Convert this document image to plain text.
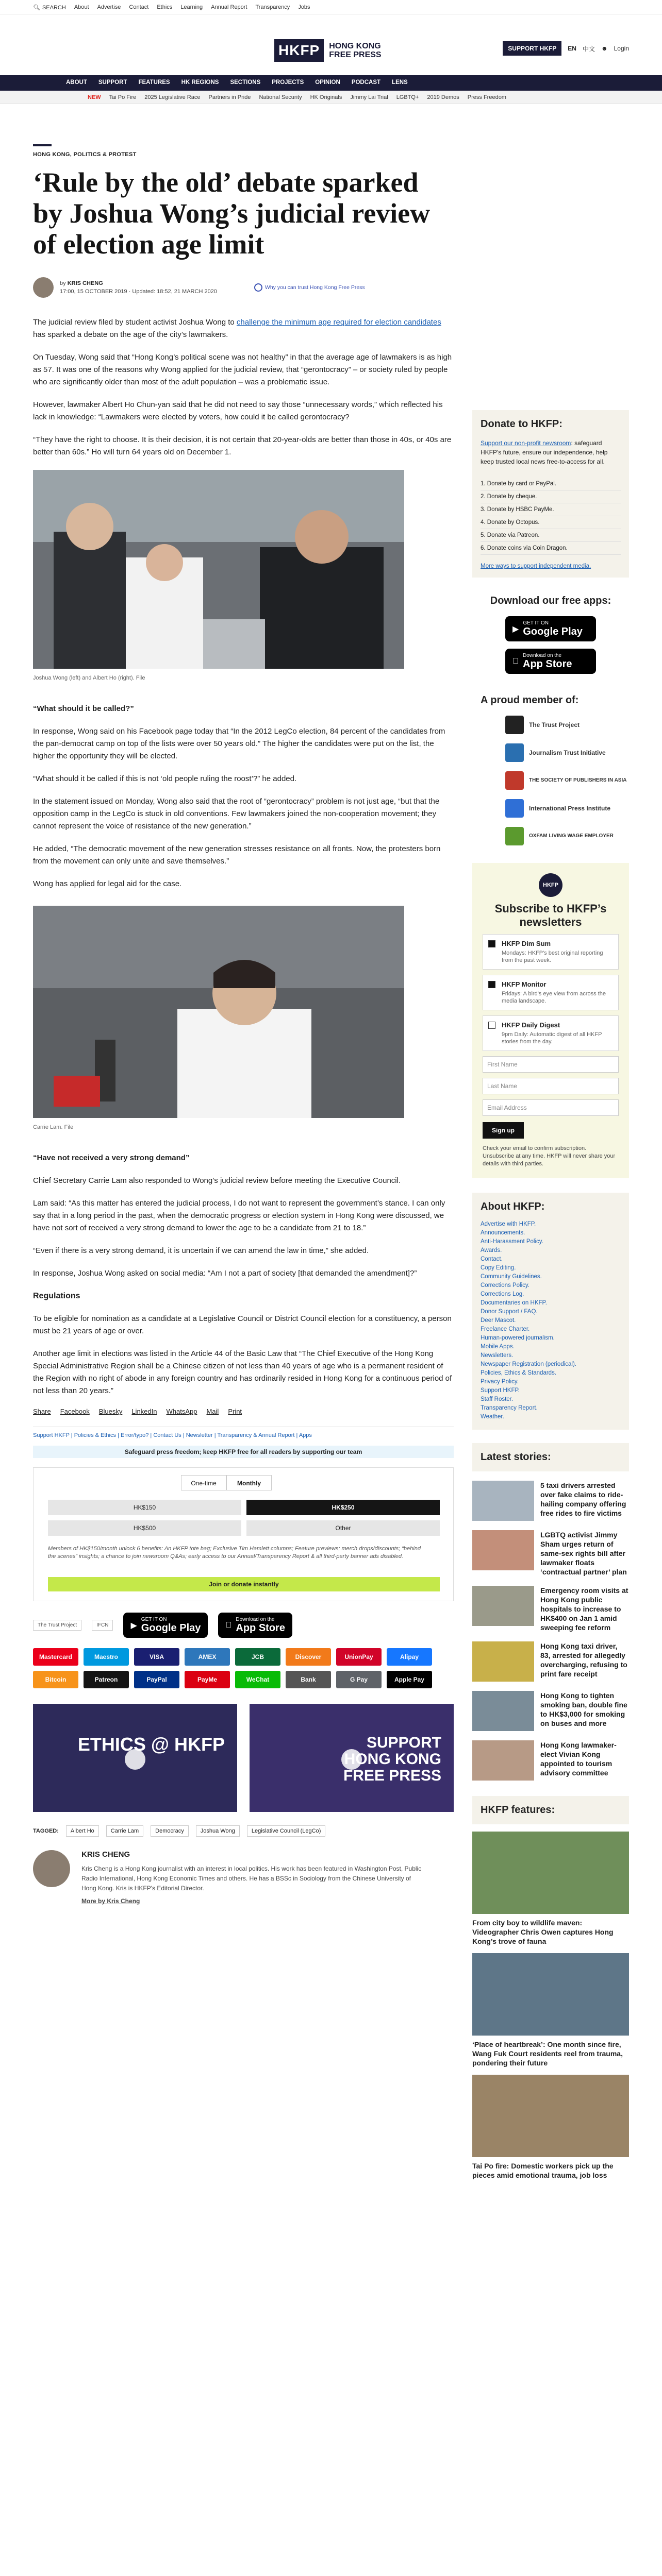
🔍︎ SEARCH About Advertise Contact Ethics Learning Annual Report Transparency Jobs
HKFP	HONG KONG
FREE PRESS
SUPPORT HKFP	EN 中文 ☻ Login
ABOUT SUPPORT FEATURES HK REGIONS SECTIONS PROJECTS OPINION PODCAST LENS
NEW Tai Po Fire 2025 Legislative Race Partners in Pride National Security HK Originals Jimmy Lai Trial LGBTQ+ 2019 Demos Press Freedom
HONG KONG, POLITICS & PROTEST
‘Rule by the old’ debate sparked by Joshua Wong’s judicial review of election age limit
by KRIS CHENG
17:00, 15 OCTOBER 2019 · Updated: 18:52, 21 MARCH 2020
Why you can trust Hong Kong Free Press

The judicial review filed by student activist Joshua Wong to challenge the minimum age required for election candidates has sparked a debate on the age of the city’s lawmakers.

On Tuesday, Wong said that “Hong Kong’s political scene was not healthy” in that the average age of lawmakers is as high as 57. It was one of the reasons why Wong applied for the judicial review, that “gerontocracy” – or society ruled by people who are significantly older than most of the adult population – was a problematic issue.

However, lawmaker Albert Ho Chun-yan said that he did not need to say those “unnecessary words,” which reflected his lack in knowledge: “Lawmakers were elected by voters, how could it be called gerontocracy?

“They have the right to choose. It is their decision, it is not certain that 20-year-olds are better than those in 40s, or 40s are better than 60s.” Ho will turn 64 years old on December 1.

Joshua Wong (left) and Albert Ho (right). File

“What should it be called?”

In response, Wong said on his Facebook page today that “In the 2012 LegCo election, 84 percent of the candidates from the pan-democrat camp on top of the lists were over 50 years old.” The higher the candidates were put on the list, the higher the opportunity they will be elected.

“What should it be called if this is not ‘old people ruling the roost’?” he added.

In the statement issued on Monday, Wong also said that the root of “gerontocracy” problem is not just age, “but that the opposition camp in the LegCo is stuck in old conventions. Few lawmakers joined the non-cooperation movement; they cannot represent the voice of resistance of the new generation.”

He added, “The democratic movement of the new generation stresses resistance on all fronts. Now, the protesters born from the movement can only unite and save themselves.”

Wong has applied for legal aid for the case.

Carrie Lam. File

“Have not received a very strong demand”

Chief Secretary Carrie Lam also responded to Wong’s judicial review before meeting the Executive Council.

Lam said: “As this matter has entered the judicial process, I do not want to represent the government’s stance. I can only say that in a long period in the past, when the democratic progress or election system in Hong Kong were discussed, we have not sort of received a very strong demand to lower the age to be a candidate from 21 to 18.”

“Even if there is a very strong demand, it is uncertain if we can amend the law in time,” she added.

In response, Joshua Wong asked on social media: “Am I not a part of society [that demanded the amendment]?”

Regulations

To be eligible for nomination as a candidate at a Legislative Council or District Council election for a constituency, a person must be 21 years of age or over.

Another age limit in elections was listed in the Article 44 of the Basic Law that “The Chief Executive of the Hong Kong Special Administrative Region shall be a Chinese citizen of not less than 40 years of age who is a permanent resident of the Region with no right of abode in any foreign country and has ordinarily resided in Hong Kong for a continuous period of not less than 20 years.”

Share Facebook Bluesky LinkedIn WhatsApp Mail Print
Support HKFP | Policies & Ethics | Error/typo? | Contact Us | Newsletter | Transparency & Annual Report | Apps
Safeguard press freedom; keep HKFP free for all readers by supporting our team
One-time	Monthly
HK$150	HK$250
HK$500	Other
Members of HK$150/month unlock 6 benefits: An HKFP tote bag; Exclusive Tim Hamlett columns; Feature previews; merch drops/discounts; “behind the scenes” insights; a chance to join newsroom Q&As; early access to our Annual/Transparency Report & all third-party banner ads disabled.
Join or donate instantly
The Trust Project	IFCN	▶
GET IT ON
Google Play
Download on the
App Store
Mastercard	Maestro	VISA	AMEX	JCB	Discover	UnionPay	Alipay
Bitcoin	Patreon	PayPal	PayMe	WeChat	Bank	G Pay	Apple Pay
ETHICS @ HKFP	SUPPORT HONG KONG FREE PRESS
TAGGED:	Albert Ho	Carrie Lam	Democracy	Joshua Wong	Legislative Council (LegCo)
KRIS CHENG
Kris Cheng is a Hong Kong journalist with an interest in local politics. His work has been featured in Washington Post, Public Radio International, Hong Kong Economic Times and others. He has a BSSc in Sociology from the Chinese University of Hong Kong. Kris is HKFP's Editorial Director.
More by Kris Cheng
Donate to HKFP:
Support our non-profit newsroom: safeguard HKFP's future, ensure our independence, help keep trusted local news free-to-access for all.
1. Donate by card or PayPal.
2. Donate by cheque.
3. Donate by HSBC PayMe.
4. Donate by Octopus.
5. Donate via Patreon.
6. Donate coins via Coin Dragon.
More ways to support independent media.
Download our free apps:
▶
GET IT ON
Google Play
Download on the
App Store
A proud member of:
The Trust Project
Journalism Trust Initiative
THE SOCIETY OF PUBLISHERS IN ASIA
International Press Institute
OXFAM LIVING WAGE EMPLOYER
HKFP
Subscribe to HKFP’s newsletters
HKFP Dim Sum
Mondays: HKFP's best original reporting from the past week.
HKFP Monitor
Fridays: A bird's eye view from across the media landscape.
HKFP Daily Digest
9pm Daily: Automatic digest of all HKFP stories from the day.
First Name
Last Name
Email Address
Sign up
Check your email to confirm subscription. Unsubscribe at any time. HKFP will never share your details with third parties.
About HKFP:
Advertise with HKFP.
Announcements.
Anti-Harassment Policy.
Awards.
Contact.
Copy Editing.
Community Guidelines.
Corrections Policy.
Corrections Log.
Documentaries on HKFP.
Donor Support / FAQ.
Deer Mascot.
Freelance Charter.
Human-powered journalism.
Mobile Apps.
Newsletters.
Newspaper Registration (periodical).
Policies, Ethics & Standards.
Privacy Policy.
Support HKFP.
Staff Roster.
Transparency Report.
Weather.
Latest stories:
5 taxi drivers arrested over fake claims to ride-hailing company offering free rides to fire victims
LGBTQ activist Jimmy Sham urges return of same-sex rights bill after lawmaker floats ‘contractual partner’ plan
Emergency room visits at Hong Kong public hospitals to increase to HK$400 on Jan 1 amid sweeping fee reform
Hong Kong taxi driver, 83, arrested for allegedly overcharging, refusing to print fare receipt
Hong Kong to tighten smoking ban, double fine to HK$3,000 for smoking on buses and more
Hong Kong lawmaker-elect Vivian Kong appointed to tourism advisory committee
HKFP features:
From city boy to wildlife maven: Videographer Chris Owen captures Hong Kong’s trove of fauna
‘Place of heartbreak’: One month since fire, Wang Fuk Court residents reel from trauma, pondering their future
Tai Po fire: Domestic workers pick up the pieces amid emotional trauma, job loss
